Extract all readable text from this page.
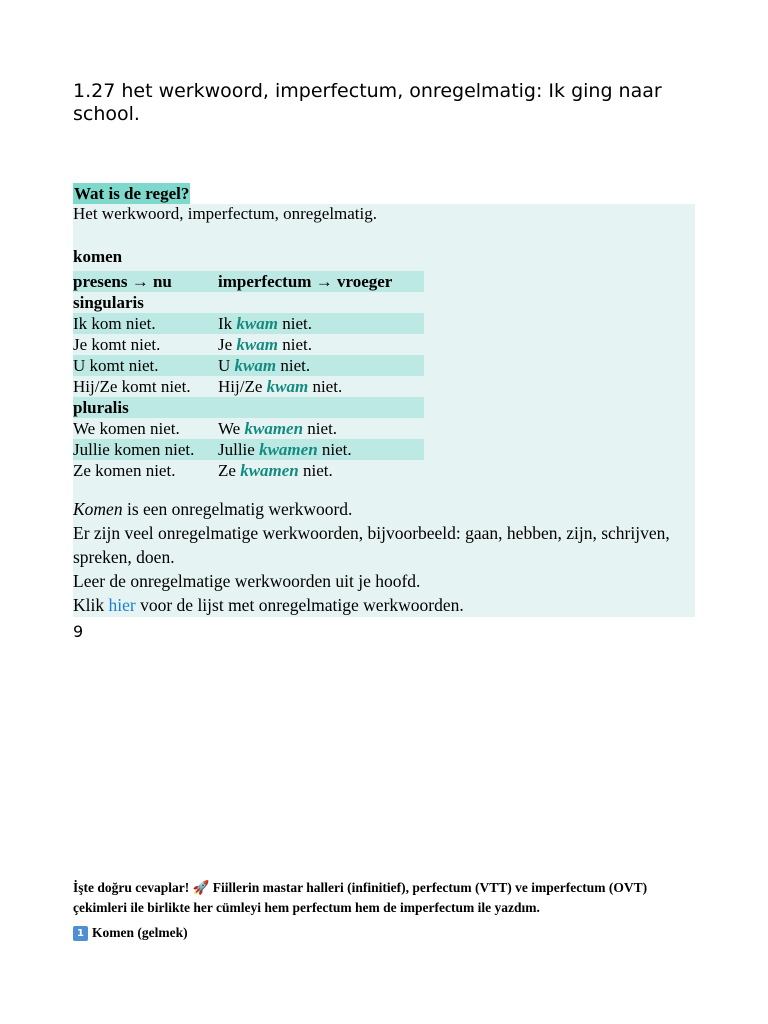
1.27 het werkwoord, imperfectum, onregelmatig: Ik ging naar school.
Wat is de regel?
Het werkwoord, imperfectum, onregelmatig.
komen
presens → nu	imperfectum → vroeger
singularis	
Ik kom niet.	Ik kwam niet.
Je komt niet.	Je kwam niet.
U komt niet.	U kwam niet.
Hij/Ze komt niet.	Hij/Ze kwam niet.
pluralis	
We komen niet.	We kwamen niet.
Jullie komen niet.	Jullie kwamen niet.
Ze komen niet.	Ze kwamen niet.
Komen is een onregelmatig werkwoord.
Er zijn veel onregelmatige werkwoorden, bijvoorbeeld: gaan, hebben, zijn, schrijven, spreken, doen.
Leer de onregelmatige werkwoorden uit je hoofd.
Klik hier voor de lijst met onregelmatige werkwoorden.
9
İşte doğru cevaplar! 🚀 Fiillerin mastar halleri (infinitief), perfectum (VTT) ve imperfectum (OVT) çekimleri ile birlikte her cümleyi hem perfectum hem de imperfectum ile yazdım.
1 Komen (gelmek)
